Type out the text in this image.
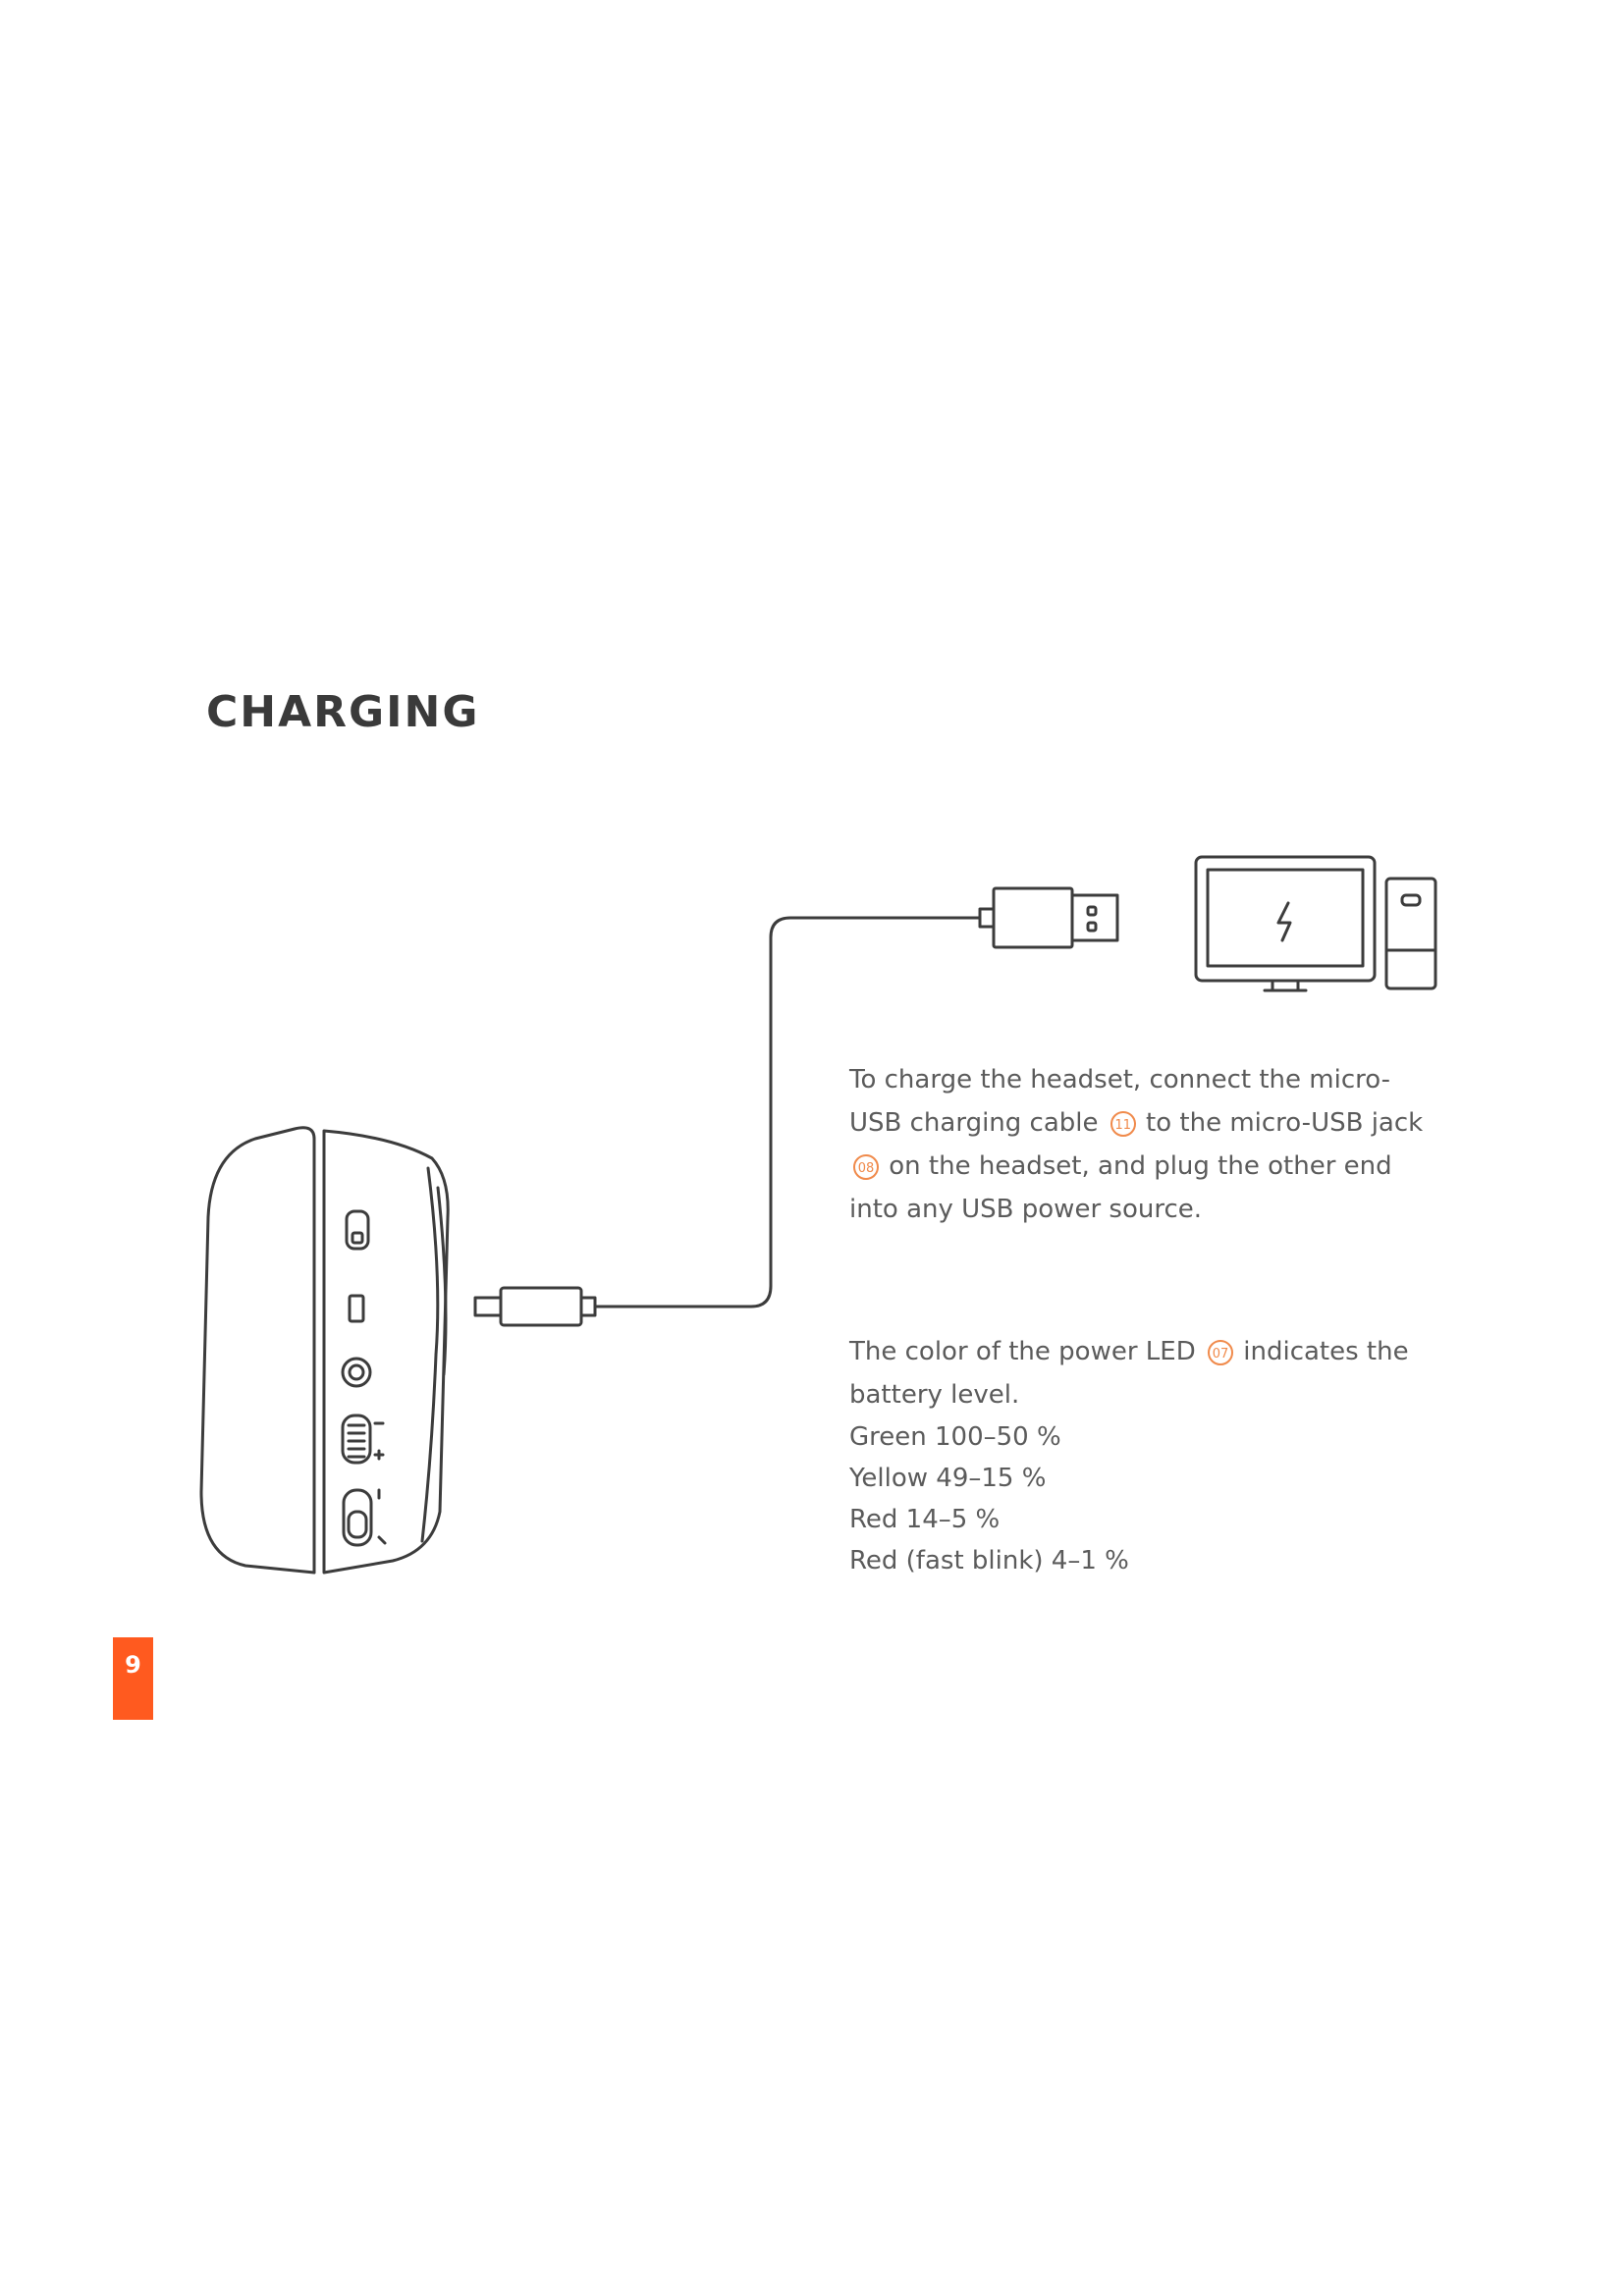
CHARGING

To charge the headset, connect the micro-USB charging cable 11 to the micro-USB jack 08 on the headset, and plug the other end into any USB power source.

The color of the power LED 07 indicates the battery level.

Green 100–50 %
Yellow 49–15 %
Red 14–5 %
Red (fast blink) 4–1 %
9
